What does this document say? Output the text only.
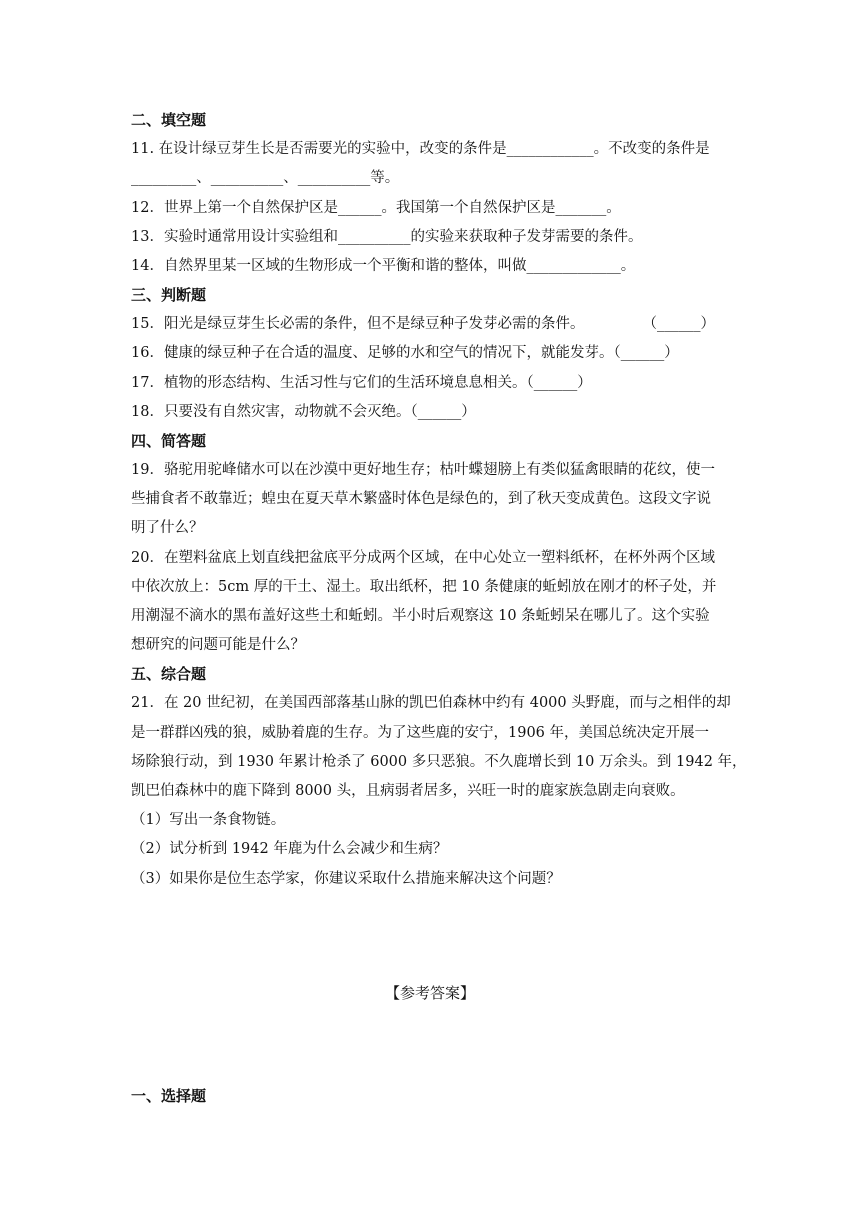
二、填空题
11. 在设计绿豆芽生长是否需要光的实验中，改变的条件是____________。不改变的条件是
_________、__________、__________等。
12．世界上第一个自然保护区是______。我国第一个自然保护区是_______。
13．实验时通常用设计实验组和__________的实验来获取种子发芽需要的条件。
14．自然界里某一区域的生物形成一个平衡和谐的整体，叫做_____________。
三、判断题
15．阳光是绿豆芽生长必需的条件，但不是绿豆种子发芽必需的条件。　　　　　（______）
16．健康的绿豆种子在合适的温度、足够的水和空气的情况下，就能发芽。（______）
17．植物的形态结构、生活习性与它们的生活环境息息相关。（______）
18．只要没有自然灾害，动物就不会灭绝。（______）
四、简答题
19．骆驼用驼峰储水可以在沙漠中更好地生存；枯叶蝶翅膀上有类似猛禽眼睛的花纹，使一
些捕食者不敢靠近；蝗虫在夏天草木繁盛时体色是绿色的，到了秋天变成黄色。这段文字说
明了什么？
20．在塑料盆底上划直线把盆底平分成两个区域，在中心处立一塑料纸杯，在杯外两个区域
中依次放上：5cm 厚的干土、湿土。取出纸杯，把 10 条健康的蚯蚓放在刚才的杯子处，并
用潮湿不滴水的黑布盖好这些土和蚯蚓。半小时后观察这 10 条蚯蚓呆在哪儿了。这个实验
想研究的问题可能是什么？
五、综合题
21．在 20 世纪初，在美国西部落基山脉的凯巴伯森林中约有 4000 头野鹿，而与之相伴的却
是一群群凶残的狼，威胁着鹿的生存。为了这些鹿的安宁，1906 年，美国总统决定开展一
场除狼行动，到 1930 年累计枪杀了 6000 多只恶狼。不久鹿增长到 10 万余头。到 1942 年，
凯巴伯森林中的鹿下降到 8000 头，且病弱者居多，兴旺一时的鹿家族急剧走向衰败。
（1）写出一条食物链。
（2）试分析到 1942 年鹿为什么会减少和生病？
（3）如果你是位生态学家，你建议采取什么措施来解决这个问题？
【参考答案】
一、选择题
